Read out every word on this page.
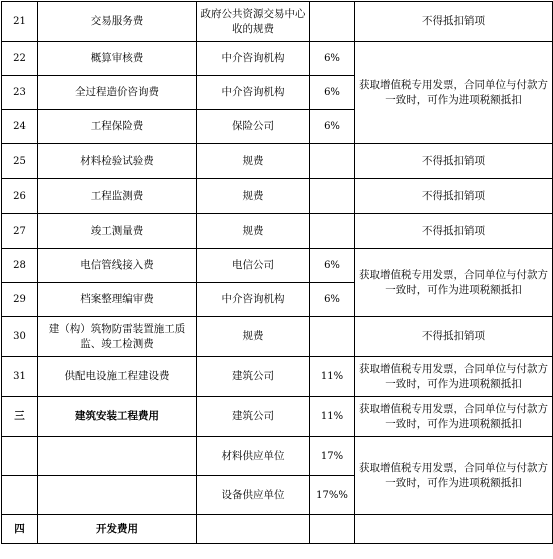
21	交易服务费	政府公共资源交易中心收的规费		不得抵扣销项
22	概算审核费	中介咨询机构	6%	获取增值税专用发票，合同单位与付款方一致时，可作为进项税额抵扣
23	全过程造价咨询费	中介咨询机构	6%	
24	工程保险费	保险公司	6%	
25	材料检验试验费	规费		不得抵扣销项
26	工程监测费	规费		不得抵扣销项
27	竣工测量费	规费		不得抵扣销项
28	电信管线接入费	电信公司	6%	获取增值税专用发票，合同单位与付款方一致时，可作为进项税额抵扣
29	档案整理编审费	中介咨询机构	6%	
30	建（构）筑物防雷装置施工质监、竣工检测费	规费		不得抵扣销项
31	供配电设施工程建设费	建筑公司	11%	获取增值税专用发票，合同单位与付款方一致时，可作为进项税额抵扣
三	建筑安装工程费用	建筑公司	11%	获取增值税专用发票，合同单位与付款方一致时，可作为进项税额抵扣
		材料供应单位	17%	获取增值税专用发票，合同单位与付款方一致时，可作为进项税额抵扣
		设备供应单位	17%%	
四	开发费用			
